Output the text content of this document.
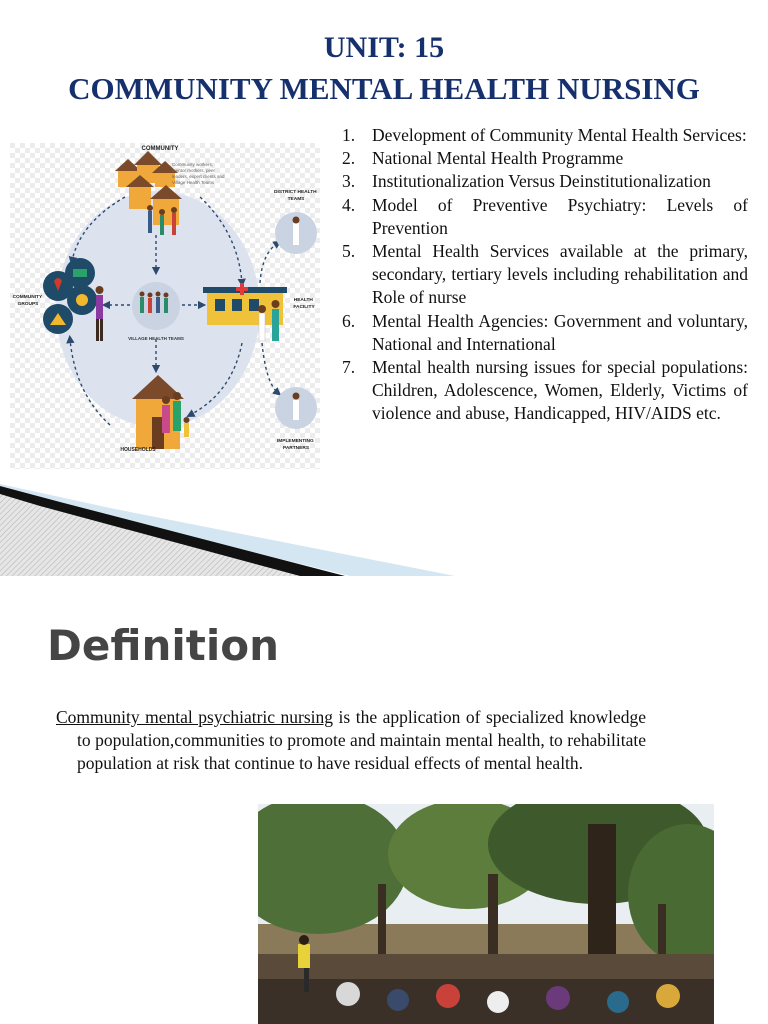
UNIT: 15
COMMUNITY MENTAL HEALTH NURSING
COMMUNITY
Community workers, mentor mothers, peer leaders, expert clients and Village Health Teams
DISTRICT HEALTH TEAMS
COMMUNITY GROUPS
VILLAGE HEALTH TEAMS
HEALTH FACILITY
HOUSEHOLDS
IMPLEMENTING PARTNERS
1. Development of Community Mental Health Services:
2. National Mental Health Programme
3. Institutionalization Versus Deinstitutionalization
4. Model of Preventive Psychiatry: Levels of Prevention
5. Mental Health Services available at the primary, secondary, tertiary levels including rehabilitation and Role of nurse
6. Mental Health Agencies: Government and voluntary, National and International
7. Mental health nursing issues for special populations: Children, Adolescence, Women, Elderly, Victims of violence and abuse, Handicapped, HIV/AIDS etc.
Definition

Community mental psychiatric nursing is the application of specialized knowledge to population,communities to promote and maintain mental health, to rehabilitate population at risk that continue to have residual effects of mental health.
